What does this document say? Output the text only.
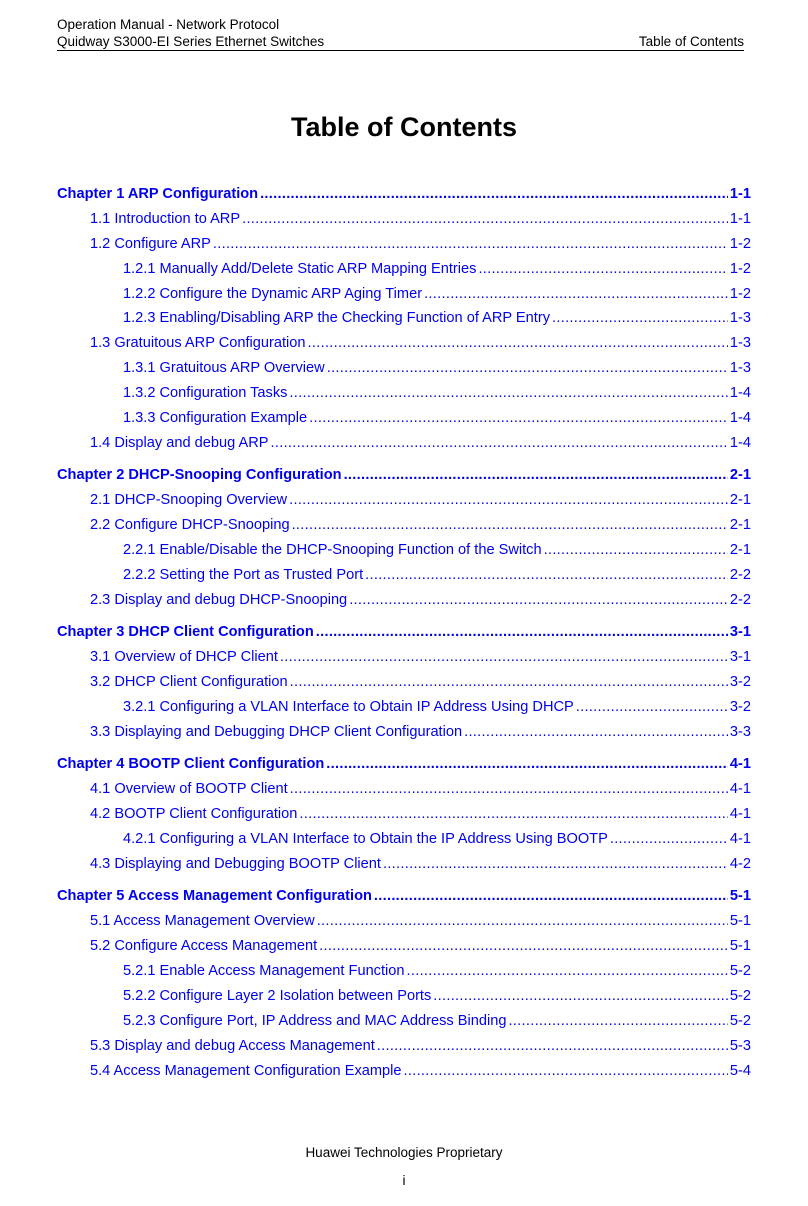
Operation Manual - Network Protocol
Quidway S3000-EI Series Ethernet Switches	Table of Contents
Table of Contents
Chapter 1 ARP Configuration .....	1-1
1.1 Introduction to ARP .....	1-1
1.2 Configure ARP .....	1-2
1.2.1 Manually Add/Delete Static ARP Mapping Entries .....	1-2
1.2.2 Configure the Dynamic ARP Aging Timer .....	1-2
1.2.3 Enabling/Disabling ARP the Checking Function of ARP Entry .....	1-3
1.3 Gratuitous ARP Configuration .....	1-3
1.3.1 Gratuitous ARP Overview .....	1-3
1.3.2 Configuration Tasks .....	1-4
1.3.3 Configuration Example .....	1-4
1.4 Display and debug ARP .....	1-4
Chapter 2 DHCP-Snooping Configuration .....	2-1
2.1 DHCP-Snooping Overview .....	2-1
2.2 Configure DHCP-Snooping .....	2-1
2.2.1 Enable/Disable the DHCP-Snooping Function of the Switch .....	2-1
2.2.2 Setting the Port as Trusted Port .....	2-2
2.3 Display and debug DHCP-Snooping .....	2-2
Chapter 3 DHCP Client Configuration .....	3-1
3.1 Overview of DHCP Client .....	3-1
3.2 DHCP Client Configuration .....	3-2
3.2.1 Configuring a VLAN Interface to Obtain IP Address Using DHCP .....	3-2
3.3 Displaying and Debugging DHCP Client Configuration .....	3-3
Chapter 4 BOOTP Client Configuration .....	4-1
4.1 Overview of BOOTP Client .....	4-1
4.2 BOOTP Client Configuration .....	4-1
4.2.1 Configuring a VLAN Interface to Obtain the IP Address Using BOOTP .....	4-1
4.3 Displaying and Debugging BOOTP Client .....	4-2
Chapter 5 Access Management Configuration .....	5-1
5.1 Access Management Overview .....	5-1
5.2 Configure Access Management .....	5-1
5.2.1 Enable Access Management Function .....	5-2
5.2.2 Configure Layer 2 Isolation between Ports .....	5-2
5.2.3 Configure Port, IP Address and MAC Address Binding .....	5-2
5.3 Display and debug Access Management .....	5-3
5.4 Access Management Configuration Example .....	5-4
Huawei Technologies Proprietary
i
